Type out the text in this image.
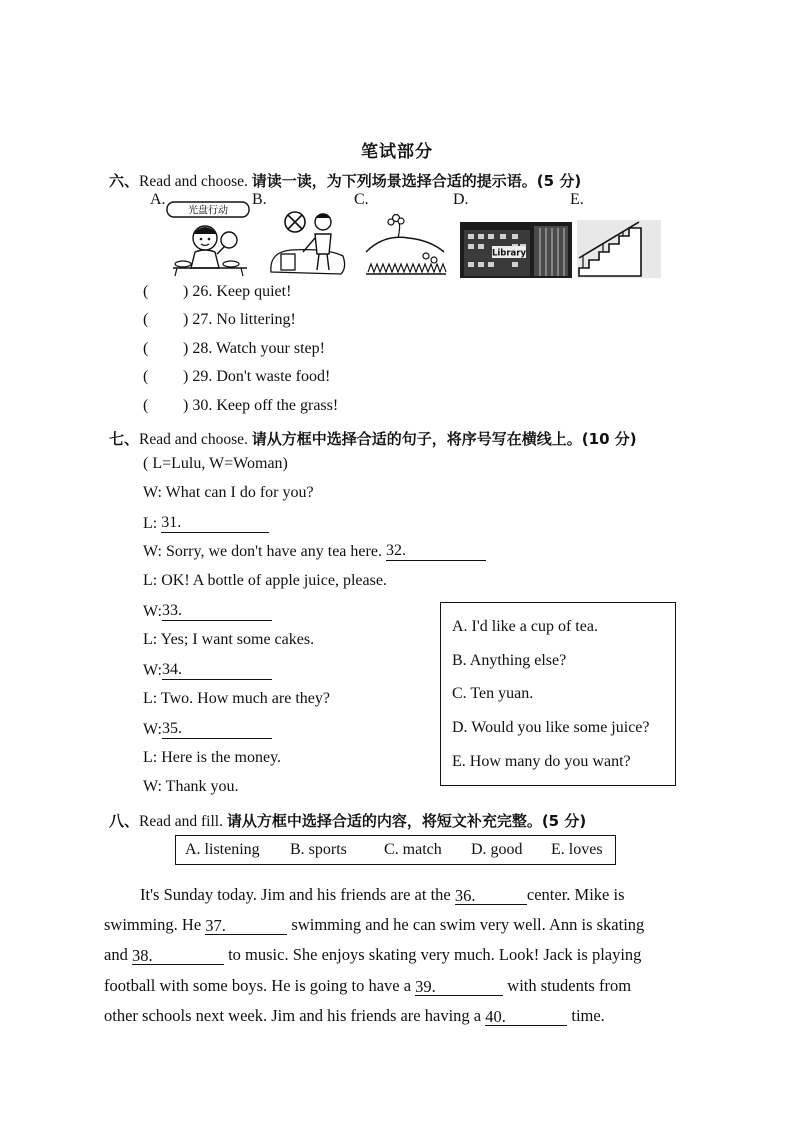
笔试部分
六、Read and choose. 请读一读，为下列场景选择合适的提示语。(5 分)
A.	B.	C.	D.	E.
光盘行动
Library
( ) 26. Keep quiet!
( ) 27. No littering!
( ) 28. Watch your step!
( ) 29. Don't waste food!
( ) 30. Keep off the grass!
七、Read and choose. 请从方框中选择合适的句子，将序号写在横线上。(10 分)
( L=Lulu, W=Woman)
W: What can I do for you?
L: 31.
W: Sorry, we don't have any tea here. 32.
L: OK! A bottle of apple juice, please.
W:33.
L: Yes; I want some cakes.
W:34.
L: Two. How much are they?
W:35.
L: Here is the money.
W: Thank you.
A. I'd like a cup of tea.
B. Anything else?
C. Ten yuan.
D. Would you like some juice?
E. How many do you want?
八、Read and fill. 请从方框中选择合适的内容，将短文补充完整。(5 分)
A. listening B. sports C. match D. good E. loves
It's Sunday today. Jim and his friends are at the 36.	center. Mike is
swimming. He 37.	swimming and he can swim very well. Ann is skating
and 38.	to music. She enjoys skating very much. Look! Jack is playing
football with some boys. He is going to have a 39.	with students from
other schools next week. Jim and his friends are having a 40.	time.
